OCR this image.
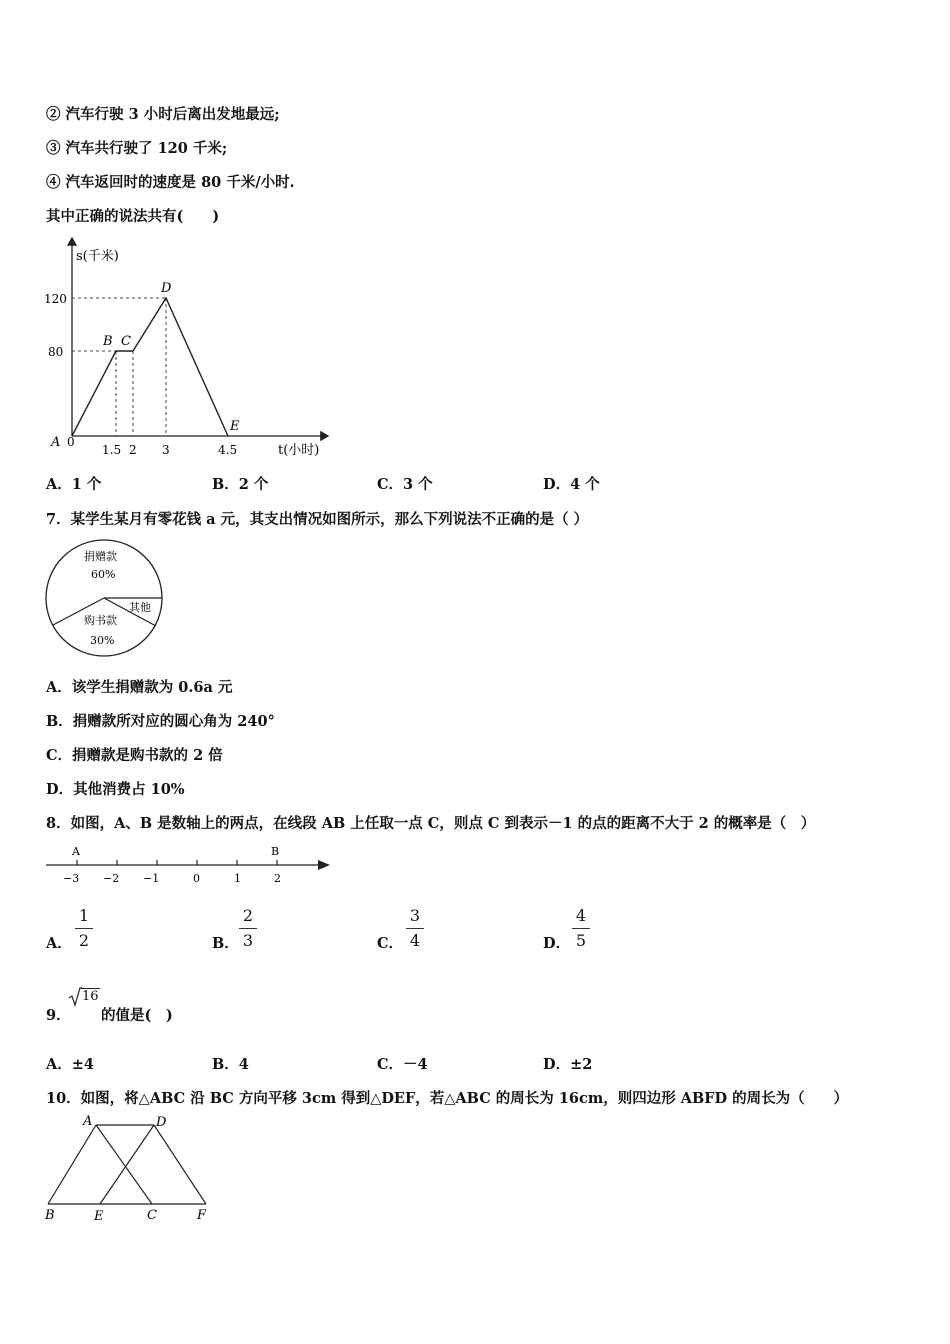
② 汽车行驶 3 小时后离出发地最远;
③ 汽车共行驶了 120 千米;
④ 汽车返回时的速度是 80 千米/小时.
其中正确的说法共有(　　)
s(千米)
t(小时)
120
80
1.5 2 3	4.5
A 0
B C
D
E
A．1 个	B．2 个	C．3 个	D．4 个
7．某学生某月有零花钱 a 元，其支出情况如图所示，那么下列说法不正确的是（ ）
捐赠款
60%
其他
购书款
30%
A．该学生捐赠款为 0.6a 元
B．捐赠款所对应的圆心角为 240°
C．捐赠款是购书款的 2 倍
D．其他消费占 10%
8．如图，A、B 是数轴上的两点，在线段 AB 上任取一点 C，则点 C 到表示－1 的点的距离不大于 2 的概率是（　）
A	B
−3 −2 −1	0	1	2
A． $\frac{1}{2}$	B． $\frac{2}{3}$	C． $\frac{3}{4}$	D． $\frac{4}{5}$
9．
16
的值是(　)
A．±4	B．4	C．－4	D．±2
10．如图，将△ABC 沿 BC 方向平移 3cm 得到△DEF，若△ABC 的周长为 16cm，则四边形 ABFD 的周长为（　　）
A	D
B	E	C	F
